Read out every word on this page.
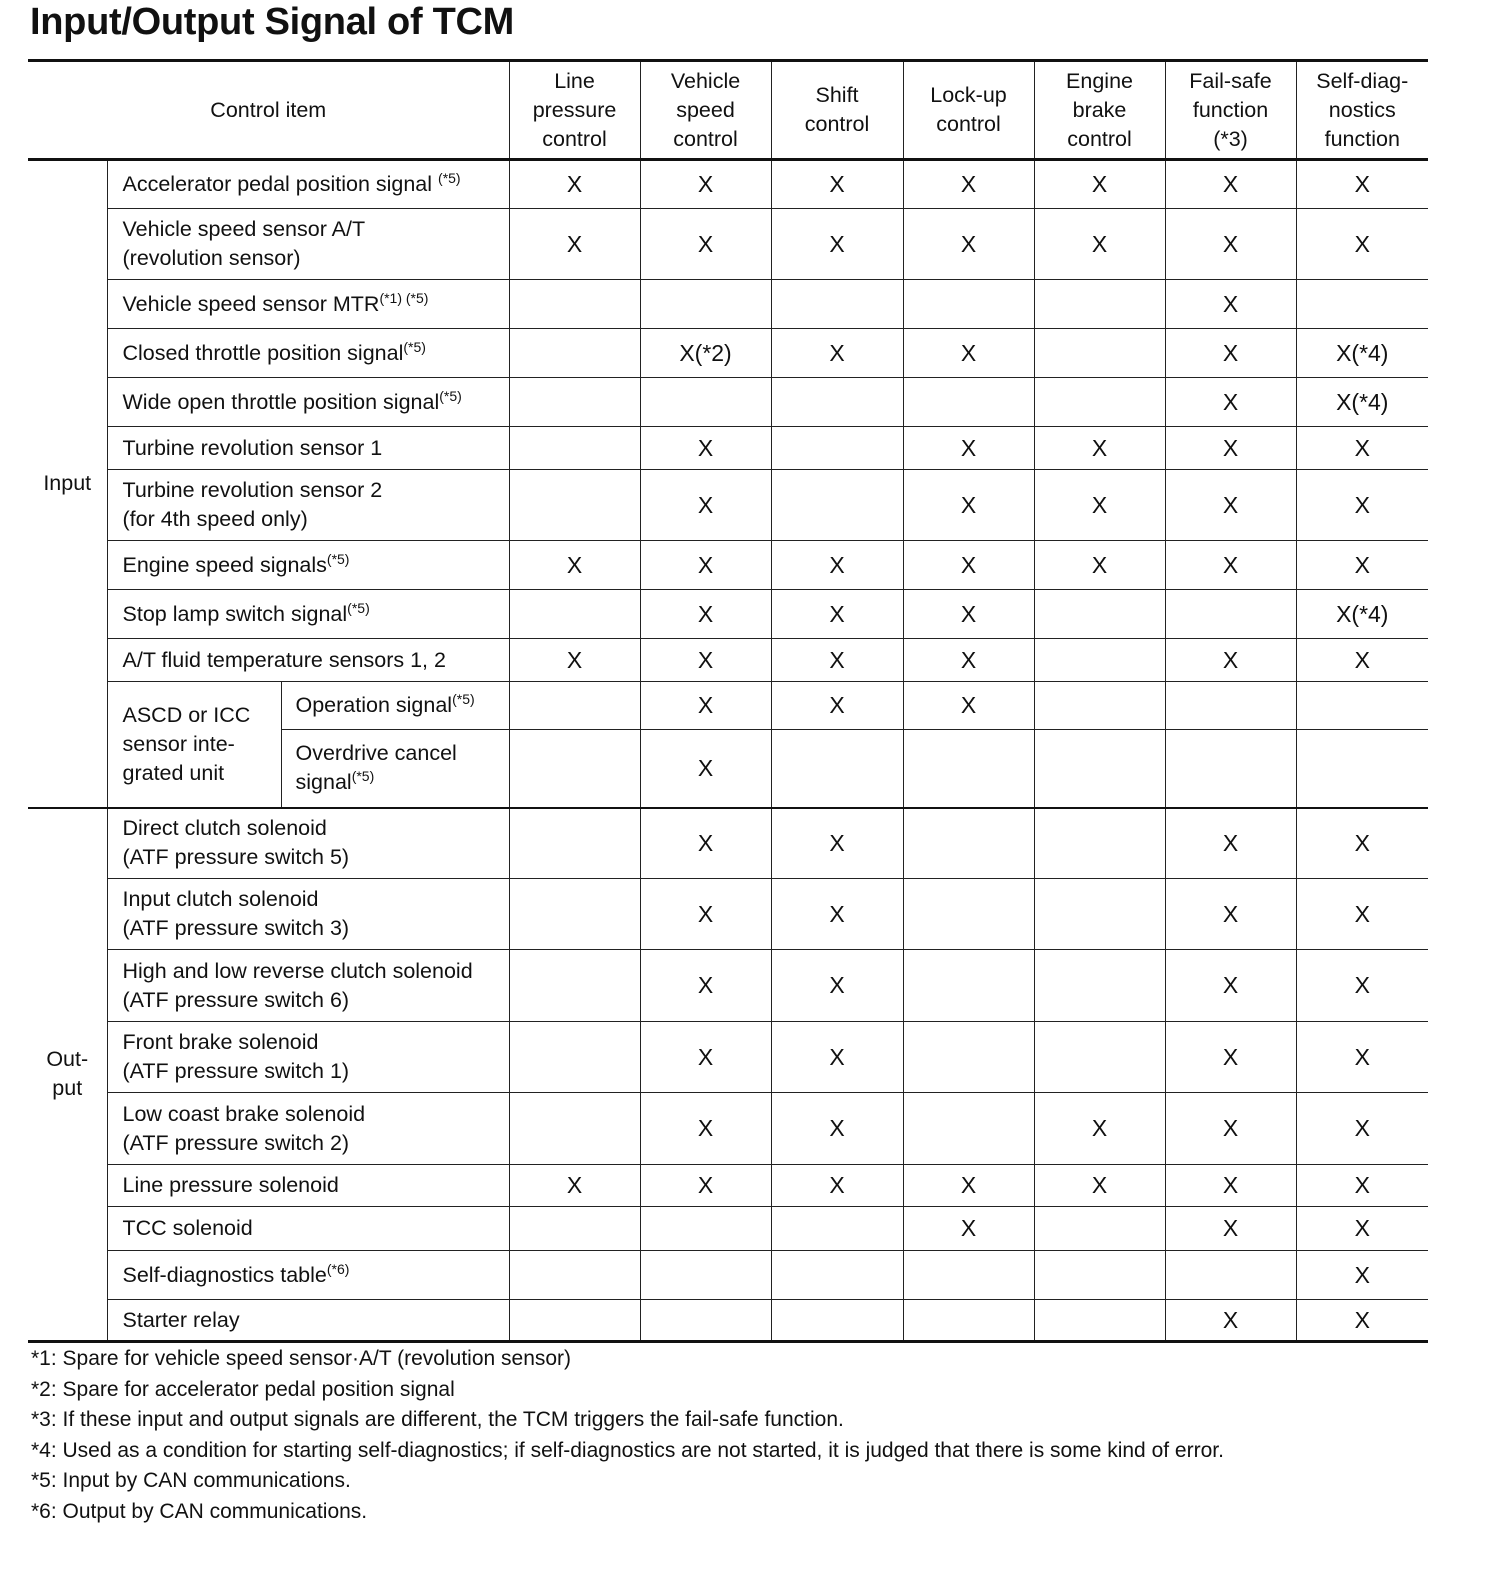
Input/Output Signal of TCM
Control item			Line
pressure
control	Vehicle
speed
control	Shift
control	Lock-up
control	Engine
brake
control	Fail-safe
function
(*3)	Self-diag-
nostics
function

Input	Accelerator pedal position signal $^{(*5)}$		X	X	X	X	X	X	X
	Vehicle speed sensor A/T
(revolution sensor)		X	X	X	X	X	X	X
	Vehicle speed sensor $MTR^{(*1) (*5)}$							X	
	Closed throttle position signal$^{(*5)}$			X(*2)	X	X		X	X(*4)
	Wide open throttle position signal$^{(*5)}$							X	X(*4)
	Turbine revolution sensor 1			X		X	X	X	X
	Turbine revolution sensor 2
(for 4th speed only)			X		X	X	X	X
	Engine speed signals$^{(*5)}$		X	X	X	X	X	X	X
	Stop lamp switch signal$^{(*5)}$			X	X	X			X(*4)
	A/T fluid temperature sensors 1, 2		X	X	X	X		X	X
	ASCD or ICC
sensor inte-
grated unit	Operation signal$^{(*5)}$		X	X	X			
		Overdrive cancel
signal$^{(*5)}$		X					
Out-
put	Direct clutch solenoid
(ATF pressure switch 5)			X	X			X	X
	Input clutch solenoid
(ATF pressure switch 3)			X	X			X	X
	High and low reverse clutch solenoid
(ATF pressure switch 6)			X	X			X	X
	Front brake solenoid
(ATF pressure switch 1)			X	X			X	X
	Low coast brake solenoid
(ATF pressure switch 2)			X	X		X	X	X
	Line pressure solenoid		X	X	X	X	X	X	X
	TCC solenoid					X		X	X
	Self-diagnostics table$^{(*6)}$								X
	Starter relay							X	X
*1: Spare for vehicle speed sensor·A/T (revolution sensor)
*2: Spare for accelerator pedal position signal
*3: If these input and output signals are different, the TCM triggers the fail-safe function.
*4: Used as a condition for starting self-diagnostics; if self-diagnostics are not started, it is judged that there is some kind of error.
*5: Input by CAN communications.
*6: Output by CAN communications.
